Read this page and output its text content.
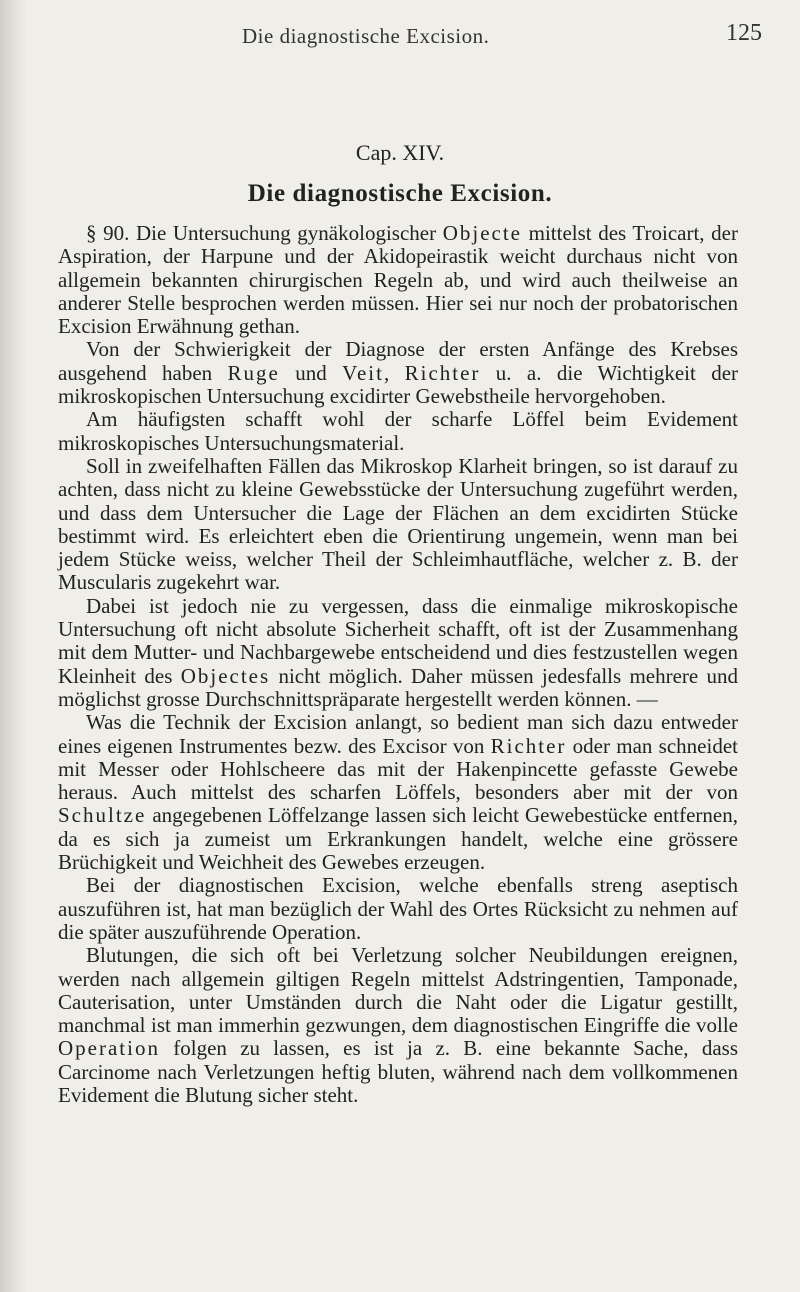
Die diagnostische Excision.	125
Cap. XIV.
Die diagnostische Excision.

§ 90. Die Untersuchung gynäkologischer Objecte mittelst des Troicart, der Aspiration, der Harpune und der Akidopeirastik weicht durchaus nicht von allgemein bekannten chirurgischen Regeln ab, und wird auch theilweise an anderer Stelle besprochen werden müssen. Hier sei nur noch der probatorischen Excision Erwähnung gethan.

Von der Schwierigkeit der Diagnose der ersten Anfänge des Krebses ausgehend haben Ruge und Veit, Richter u. a. die Wichtigkeit der mikroskopischen Untersuchung excidirter Gewebstheile hervorgehoben.

Am häufigsten schafft wohl der scharfe Löffel beim Evidement mikroskopisches Untersuchungsmaterial.

Soll in zweifelhaften Fällen das Mikroskop Klarheit bringen, so ist darauf zu achten, dass nicht zu kleine Gewebsstücke der Untersuchung zugeführt werden, und dass dem Untersucher die Lage der Flächen an dem excidirten Stücke bestimmt wird. Es erleichtert eben die Orientirung ungemein, wenn man bei jedem Stücke weiss, welcher Theil der Schleimhautfläche, welcher z. B. der Muscularis zugekehrt war.

Dabei ist jedoch nie zu vergessen, dass die einmalige mikroskopische Untersuchung oft nicht absolute Sicherheit schafft, oft ist der Zusammenhang mit dem Mutter- und Nachbargewebe entscheidend und dies festzustellen wegen Kleinheit des Objectes nicht möglich. Daher müssen jedesfalls mehrere und möglichst grosse Durchschnittspräparate hergestellt werden können. —

Was die Technik der Excision anlangt, so bedient man sich dazu entweder eines eigenen Instrumentes bezw. des Excisor von Richter oder man schneidet mit Messer oder Hohlscheere das mit der Hakenpincette gefasste Gewebe heraus. Auch mittelst des scharfen Löffels, besonders aber mit der von Schultze angegebenen Löffelzange lassen sich leicht Gewebestücke entfernen, da es sich ja zumeist um Erkrankungen handelt, welche eine grössere Brüchigkeit und Weichheit des Gewebes erzeugen.

Bei der diagnostischen Excision, welche ebenfalls streng aseptisch auszuführen ist, hat man bezüglich der Wahl des Ortes Rücksicht zu nehmen auf die später auszuführende Operation.

Blutungen, die sich oft bei Verletzung solcher Neubildungen ereignen, werden nach allgemein giltigen Regeln mittelst Adstringentien, Tamponade, Cauterisation, unter Umständen durch die Naht oder die Ligatur gestillt, manchmal ist man immerhin gezwungen, dem diagnostischen Eingriffe die volle Operation folgen zu lassen, es ist ja z. B. eine bekannte Sache, dass Carcinome nach Verletzungen heftig bluten, während nach dem vollkommenen Evidement die Blutung sicher steht.
